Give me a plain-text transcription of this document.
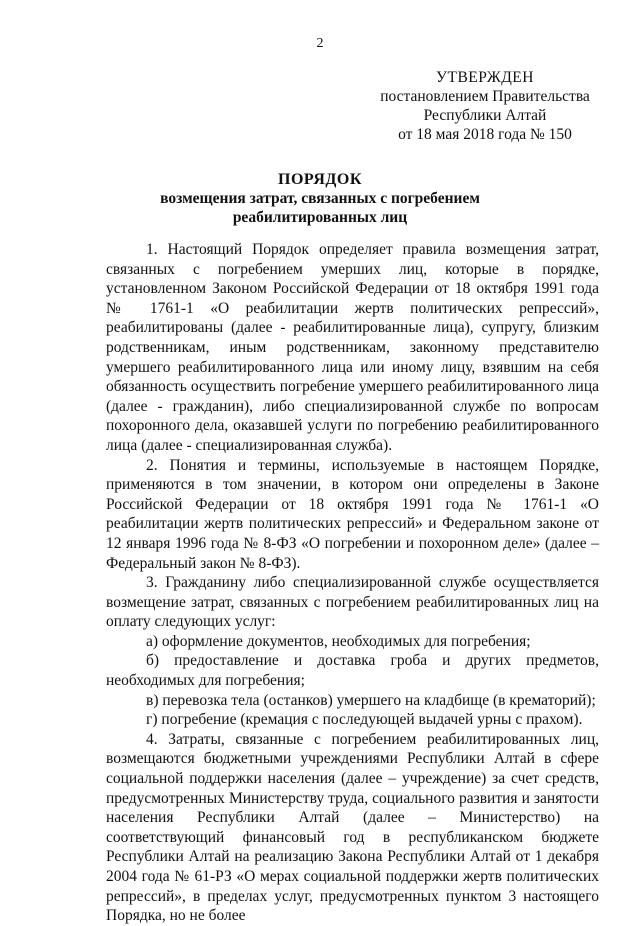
2
УТВЕРЖДЕН
постановлением Правительства
Республики Алтай
от 18 мая 2018 года № 150
ПОРЯДОК
возмещения затрат, связанных с погребением
реабилитированных лиц

1. Настоящий Порядок определяет правила возмещения затрат, связанных с погребением умерших лиц, которые в порядке, установленном Законом Российской Федерации от 18 октября 1991 года № 1761-1 «О реабилитации жертв политических репрессий», реабилитированы (далее - реабилитированные лица), супругу, близким родственникам, иным родственникам, законному представителю умершего реабилитированного лица или иному лицу, взявшим на себя обязанность осуществить погребение умершего реабилитированного лица (далее - гражданин), либо специализированной службе по вопросам похоронного дела, оказавшей услуги по погребению реабилитированного лица (далее - специализированная служба).

2. Понятия и термины, используемые в настоящем Порядке, применяются в том значении, в котором они определены в Законе Российской Федерации от 18 октября 1991 года № 1761-1 «О реабилитации жертв политических репрессий» и Федеральном законе от 12 января 1996 года № 8-ФЗ «О погребении и похоронном деле» (далее – Федеральный закон № 8-ФЗ).

3. Гражданину либо специализированной службе осуществляется возмещение затрат, связанных с погребением реабилитированных лиц на оплату следующих услуг:

а) оформление документов, необходимых для погребения;

б) предоставление и доставка гроба и других предметов, необходимых для погребения;

в) перевозка тела (останков) умершего на кладбище (в крематорий);

г) погребение (кремация с последующей выдачей урны с прахом).

4. Затраты, связанные с погребением реабилитированных лиц, возмещаются бюджетными учреждениями Республики Алтай в сфере социальной поддержки населения (далее – учреждение) за счет средств, предусмотренных Министерству труда, социального развития и занятости населения Республики Алтай (далее – Министерство) на соответствующий финансовый год в республиканском бюджете Республики Алтай на реализацию Закона Республики Алтай от 1 декабря 2004 года № 61-РЗ «О мерах социальной поддержки жертв политических репрессий», в пределах услуг, предусмотренных пунктом 3 настоящего Порядка, но не более
